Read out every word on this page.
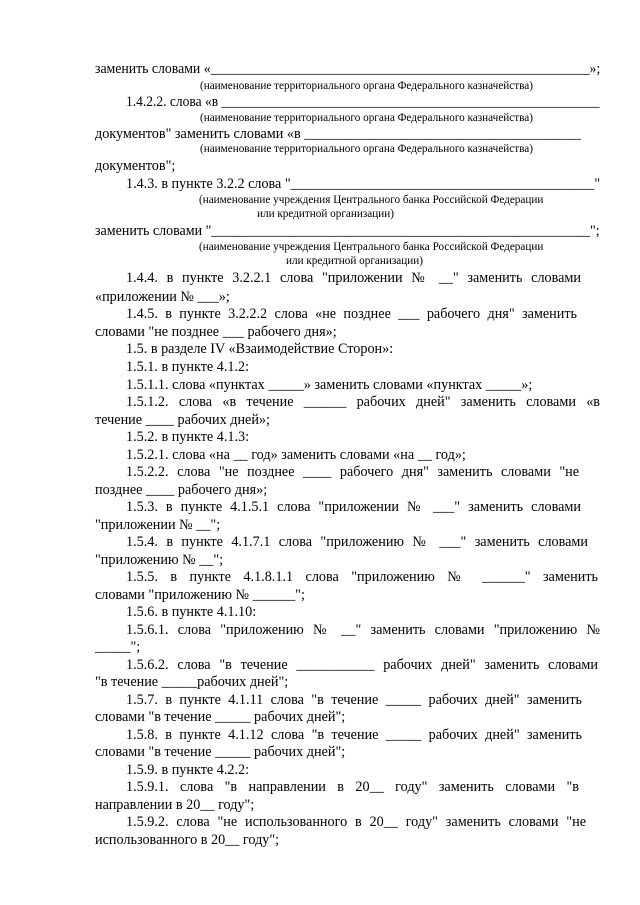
заменить словами «_______________________________________________________»;
(наименование территориального органа Федерального казначейства)
1.4.2.2. слова «в ________________________________________________________
(наименование территориального органа Федерального казначейства)
документов" заменить словами «в _______________________________________
(наименование территориального органа Федерального казначейства)
документов";
1.4.3. в пункте 3.2.2 слова "___________________________________________"
(наименование учреждения Центрального банка Российской Федерации
или кредитной организации)
заменить словами "______________________________________________________";
(наименование учреждения Центрального банка Российской Федерации
или кредитной организации)
1.4.4. в пункте 3.2.2.1 слова "приложении № __" заменить словами
«приложении № ___»;
1.4.5. в пункте 3.2.2.2 слова «не позднее ___ рабочего дня" заменить
словами "не позднее ___ рабочего дня»;
1.5. в разделе IV «Взаимодействие Сторон»:
1.5.1. в пункте 4.1.2:
1.5.1.1. слова «пунктах _____» заменить словами «пунктах _____»;
1.5.1.2. слова «в течение ______ рабочих дней" заменить словами «в
течение ____ рабочих дней»;
1.5.2. в пункте 4.1.3:
1.5.2.1. слова «на __ год» заменить словами «на __ год»;
1.5.2.2. слова "не позднее ____ рабочего дня" заменить словами "не
позднее ____ рабочего дня»;
1.5.3. в пункте 4.1.5.1 слова "приложении № ___" заменить словами
"приложении № __";
1.5.4. в пункте 4.1.7.1 слова "приложению № ___" заменить словами
"приложению № __";
1.5.5. в пункте 4.1.8.1.1 слова "приложению № ______" заменить
словами "приложению № ______";
1.5.6. в пункте 4.1.10:
1.5.6.1. слова "приложению № __" заменить словами "приложению №
_____";
1.5.6.2. слова "в течение ___________ рабочих дней" заменить словами
"в течение _____рабочих дней";
1.5.7. в пункте 4.1.11 слова "в течение _____ рабочих дней" заменить
словами "в течение _____ рабочих дней";
1.5.8. в пункте 4.1.12 слова "в течение _____ рабочих дней" заменить
словами "в течение _____ рабочих дней";
1.5.9. в пункте 4.2.2:
1.5.9.1. слова "в направлении в 20__ году" заменить словами "в
направлении в 20__ году";
1.5.9.2. слова "не использованного в 20__ году" заменить словами "не
использованного в 20__ году";
